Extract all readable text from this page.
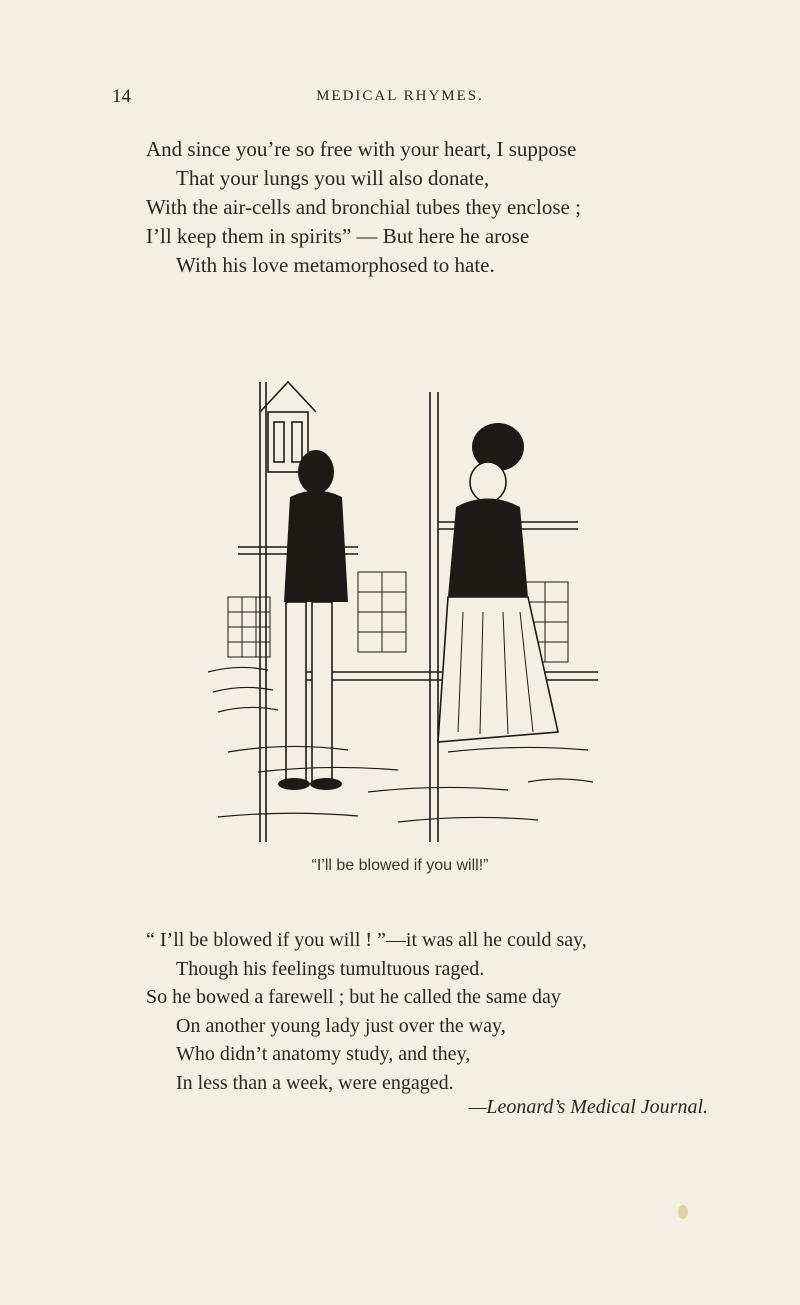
14	MEDICAL RHYMES.
And since you’re so free with your heart, I suppose
That your lungs you will also donate,
With the air-cells and bronchial tubes they enclose ;
I’ll keep them in spirits” — But here he arose
With his love metamorphosed to hate.
“I’ll be blowed if you will!”
“ I’ll be blowed if you will ! ”—it was all he could say,
Though his feelings tumultuous raged.
So he bowed a farewell ; but he called the same day
On another young lady just over the way,
Who didn’t anatomy study, and they,
In less than a week, were engaged.
—Leonard’s Medical Journal.
